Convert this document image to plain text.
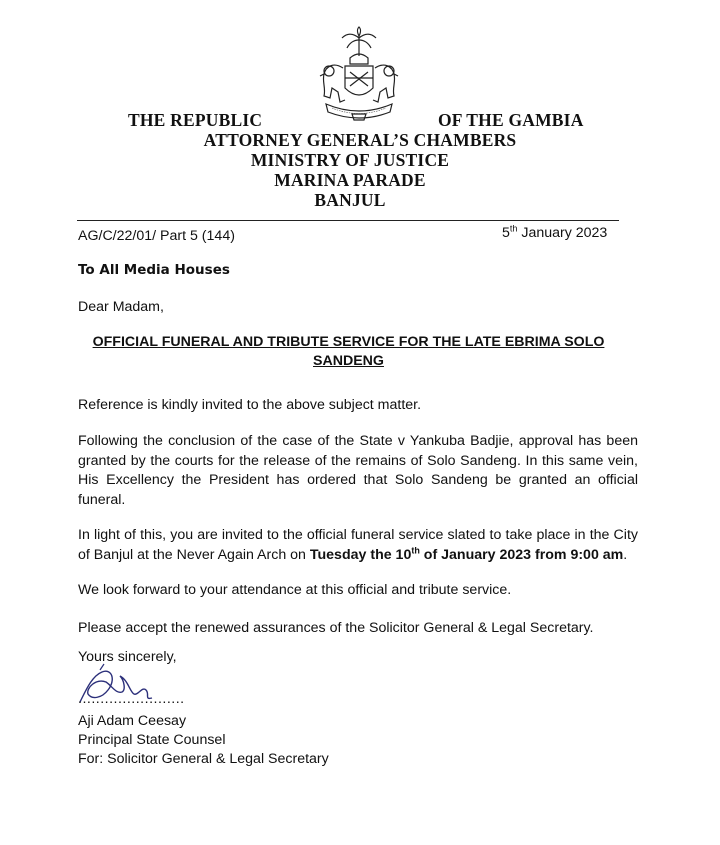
THE REPUBLIC	OF THE GAMBIA
ATTORNEY GENERAL’S CHAMBERS
MINISTRY OF JUSTICE
MARINA PARADE
BANJUL
AG/C/22/01/ Part 5 (144)	5th January 2023
To All Media Houses
Dear Madam,
OFFICIAL FUNERAL AND TRIBUTE SERVICE FOR THE LATE EBRIMA SOLO SANDENG
Reference is kindly invited to the above subject matter.
Following the conclusion of the case of the State v Yankuba Badjie, approval has been granted by the courts for the release of the remains of Solo Sandeng. In this same vein, His Excellency the President has ordered that Solo Sandeng be granted an official funeral.
In light of this, you are invited to the official funeral service slated to take place in the City of Banjul at the Never Again Arch on Tuesday the 10th of January 2023 from 9:00 am.
We look forward to your attendance at this official and tribute service.
Please accept the renewed assurances of the Solicitor General & Legal Secretary.
Yours sincerely,
........................
Aji Adam Ceesay
Principal State Counsel
For: Solicitor General & Legal Secretary
